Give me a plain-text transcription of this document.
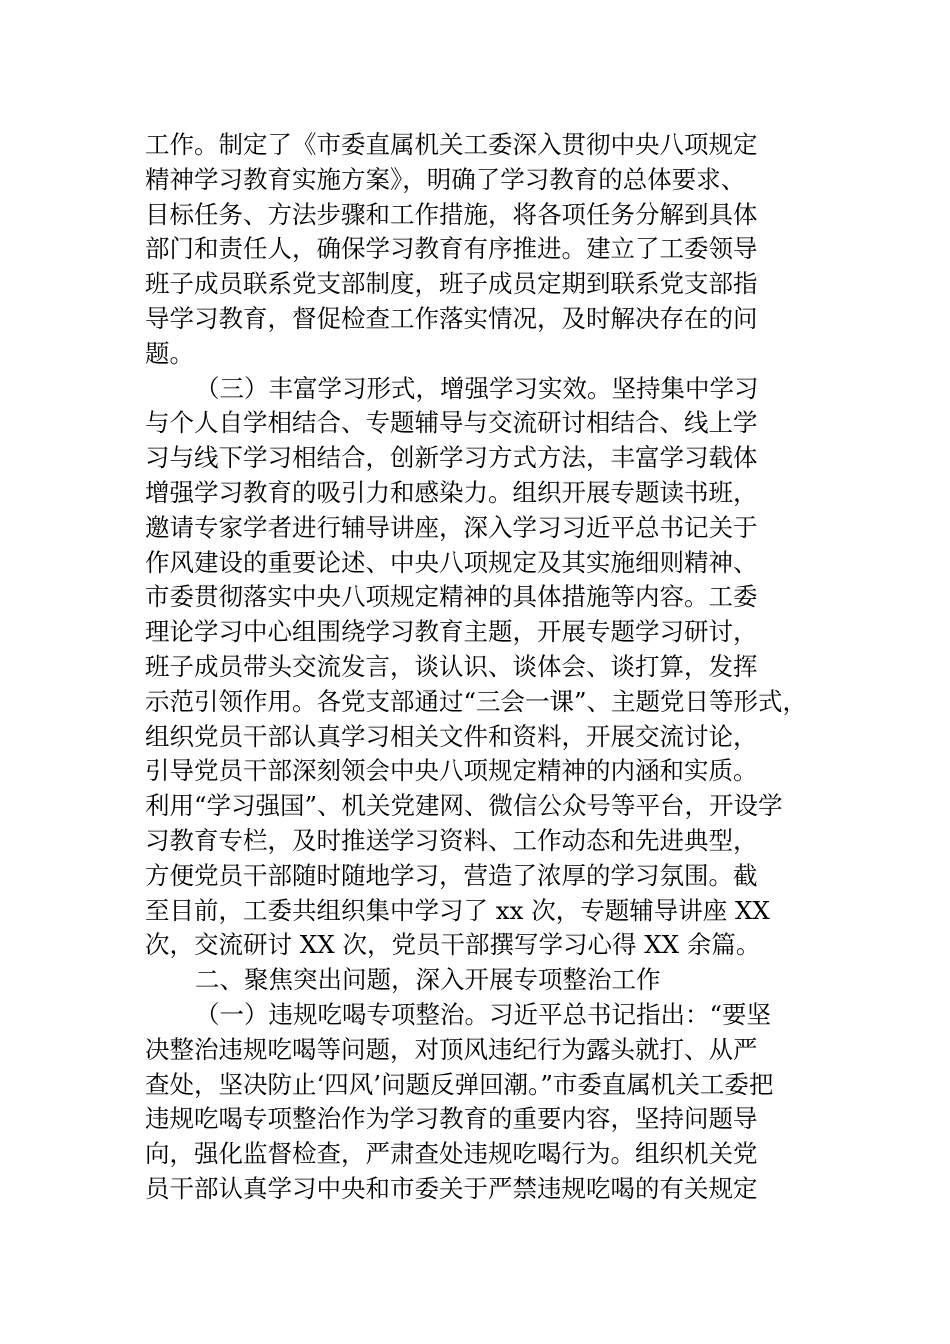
工作。制定了《市委直属机关工委深入贯彻中央八项规定
精神学习教育实施方案》，明确了学习教育的总体要求、
目标任务、方法步骤和工作措施，将各项任务分解到具体
部门和责任人，确保学习教育有序推进。建立了工委领导
班子成员联系党支部制度，班子成员定期到联系党支部指
导学习教育，督促检查工作落实情况，及时解决存在的问
题。
（三）丰富学习形式，增强学习实效。坚持集中学习
与个人自学相结合、专题辅导与交流研讨相结合、线上学
习与线下学习相结合，创新学习方式方法，丰富学习载体
增强学习教育的吸引力和感染力。组织开展专题读书班，
邀请专家学者进行辅导讲座，深入学习习近平总书记关于
作风建设的重要论述、中央八项规定及其实施细则精神、
市委贯彻落实中央八项规定精神的具体措施等内容。工委
理论学习中心组围绕学习教育主题，开展专题学习研讨，
班子成员带头交流发言，谈认识、谈体会、谈打算，发挥
示范引领作用。各党支部通过“三会一课”、主题党日等形式，
组织党员干部认真学习相关文件和资料，开展交流讨论，
引导党员干部深刻领会中央八项规定精神的内涵和实质。
利用“学习强国”、机关党建网、微信公众号等平台，开设学
习教育专栏，及时推送学习资料、工作动态和先进典型，
方便党员干部随时随地学习，营造了浓厚的学习氛围。截
至目前，工委共组织集中学习了 xx 次，专题辅导讲座 XX
次，交流研讨 XX 次，党员干部撰写学习心得 XX 余篇。
二、聚焦突出问题，深入开展专项整治工作
（一）违规吃喝专项整治。习近平总书记指出：“要坚
决整治违规吃喝等问题，对顶风违纪行为露头就打、从严
查处，坚决防止‘四风’问题反弹回潮。”市委直属机关工委把
违规吃喝专项整治作为学习教育的重要内容，坚持问题导
向，强化监督检查，严肃查处违规吃喝行为。组织机关党
员干部认真学习中央和市委关于严禁违规吃喝的有关规定
